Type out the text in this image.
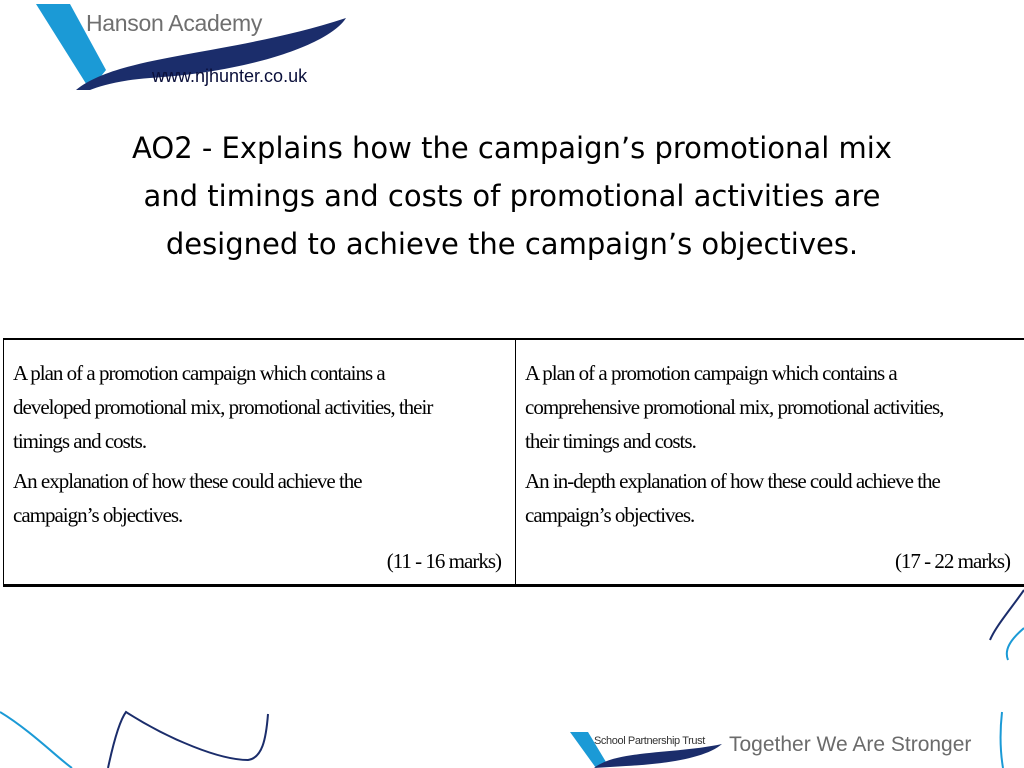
Hanson Academy
www.njhunter.co.uk
AO2 - Explains how the campaign’s promotional mix
and timings and costs of promotional activities are
designed to achieve the campaign’s objectives.

A plan of a promotion campaign which contains a
developed promotional mix, promotional activities, their
timings and costs.

An explanation of how these could achieve the
campaign’s objectives.

(11 - 16 marks)

A plan of a promotion campaign which contains a
comprehensive promotional mix, promotional activities,
their timings and costs.

An in-depth explanation of how these could achieve the
campaign’s objectives.

(17 - 22 marks)
School Partnership Trust Together We Are Stronger
